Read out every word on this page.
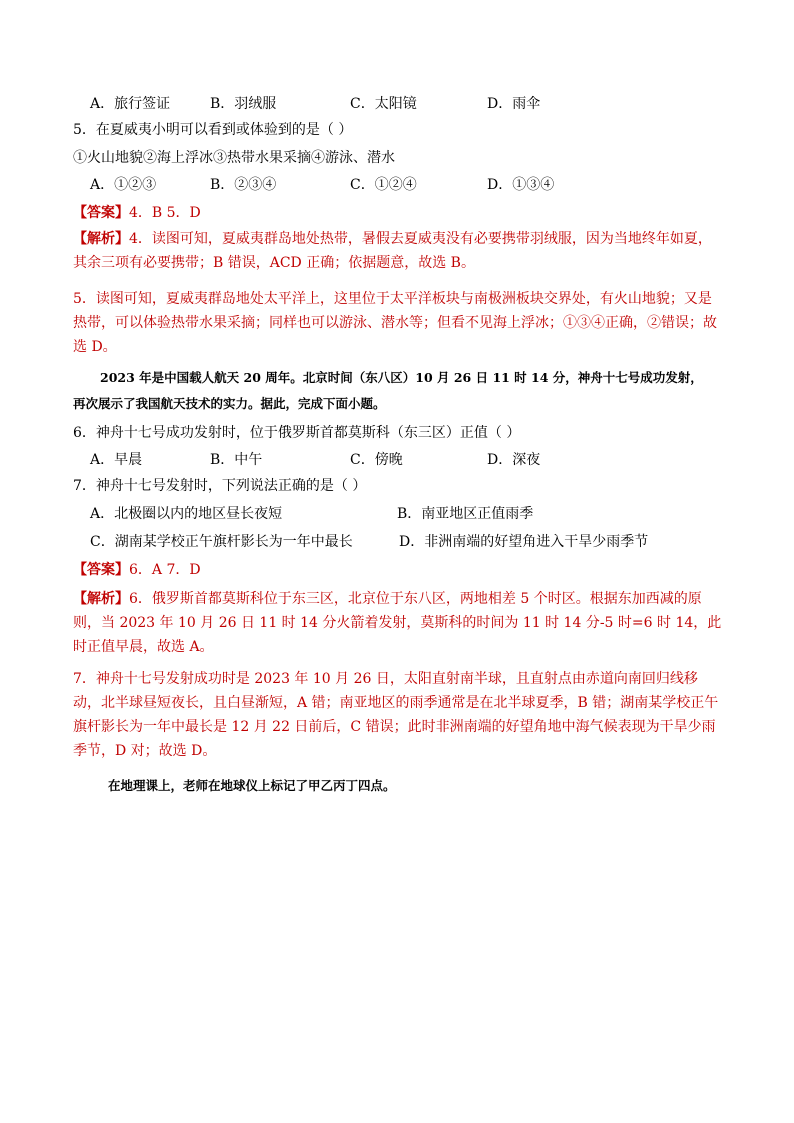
A．旅行签证	B．羽绒服	C．太阳镜	D．雨伞
5．在夏威夷小明可以看到或体验到的是（ ）
①火山地貌②海上浮冰③热带水果采摘④游泳、潜水
A．①②③	B．②③④	C．①②④	D．①③④
【答案】4．B 5．D
【解析】4．读图可知，夏威夷群岛地处热带，暑假去夏威夷没有必要携带羽绒服，因为当地终年如夏，其余三项有必要携带；B 错误，ACD 正确；依据题意，故选 B。
5．读图可知，夏威夷群岛地处太平洋上，这里位于太平洋板块与南极洲板块交界处，有火山地貌；又是热带，可以体验热带水果采摘；同样也可以游泳、潜水等；但看不见海上浮冰；①③④正确，②错误；故选 D。
2023 年是中国载人航天 20 周年。北京时间（东八区）10 月 26 日 11 时 14 分，神舟十七号成功发射，
再次展示了我国航天技术的实力。据此，完成下面小题。
6．神舟十七号成功发射时，位于俄罗斯首都莫斯科（东三区）正值（ ）
A．早晨	B．中午	C．傍晚	D．深夜
7．神舟十七号发射时，下列说法正确的是（ ）
A．北极圈以内的地区昼长夜短	B．南亚地区正值雨季
C．湖南某学校正午旗杆影长为一年中最长	D．非洲南端的好望角进入干旱少雨季节
【答案】6．A 7．D
【解析】6．俄罗斯首都莫斯科位于东三区，北京位于东八区，两地相差 5 个时区。根据东加西减的原则，当 2023 年 10 月 26 日 11 时 14 分火箭着发射，莫斯科的时间为 11 时 14 分-5 时=6 时 14，此时正值早晨，故选 A。
7．神舟十七号发射成功时是 2023 年 10 月 26 日，太阳直射南半球，且直射点由赤道向南回归线移动，北半球昼短夜长，且白昼渐短，A 错；南亚地区的雨季通常是在北半球夏季，B 错；湖南某学校正午旗杆影长为一年中最长是 12 月 22 日前后，C 错误；此时非洲南端的好望角地中海气候表现为干旱少雨季节，D 对；故选 D。
在地理课上，老师在地球仪上标记了甲乙丙丁四点。
